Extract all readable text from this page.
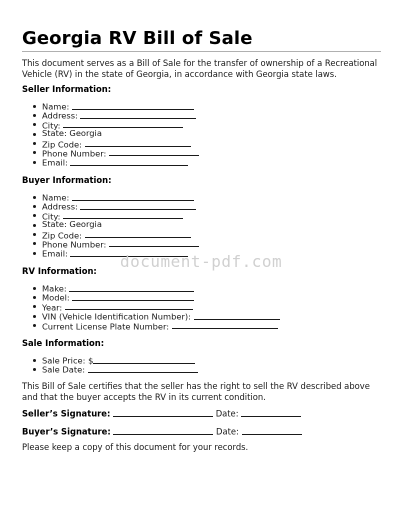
Georgia RV Bill of Sale

This document serves as a Bill of Sale for the transfer of ownership of a Recreational Vehicle (RV) in the state of Georgia, in accordance with Georgia state laws.

Seller Information:

Name:
Address:
City:
State: Georgia
Zip Code:
Phone Number:
Email:

Buyer Information:

Name:
Address:
City:
State: Georgia
Zip Code:
Phone Number:
Email:	document-pdf.com

RV Information:

Make:
Model:
Year:
VIN (Vehicle Identification Number):
Current License Plate Number:

Sale Information:

Sale Price: $
Sale Date:

This Bill of Sale certifies that the seller has the right to sell the RV described above and that the buyer accepts the RV in its current condition.

Seller’s Signature:	Date:
Buyer’s Signature:	Date:

Please keep a copy of this document for your records.
